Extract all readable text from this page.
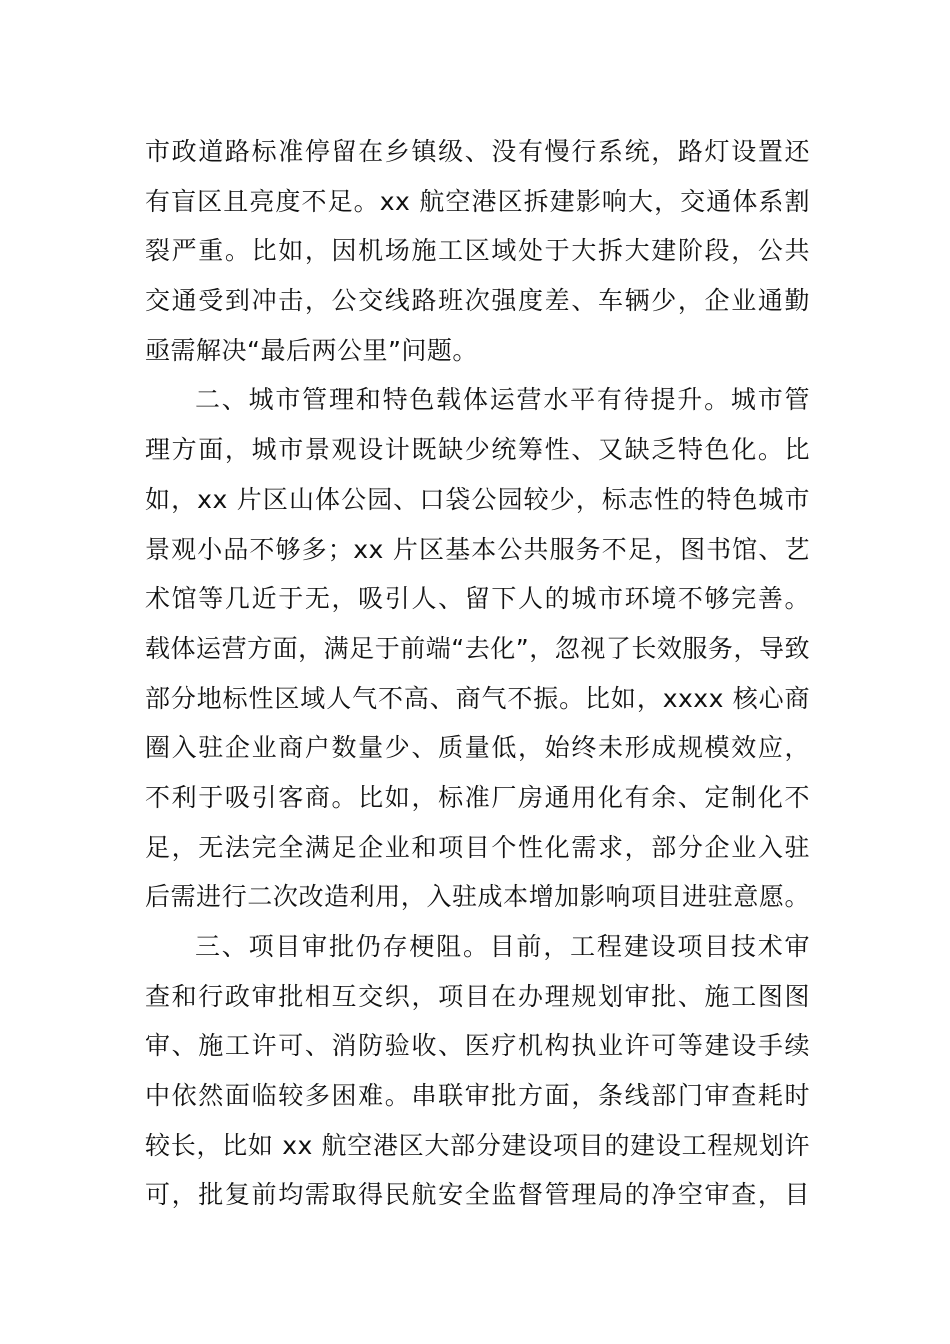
市政道路标准停留在乡镇级、没有慢行系统，路灯设置还

有盲区且亮度不足。xx 航空港区拆建影响大，交通体系割

裂严重。比如，因机场施工区域处于大拆大建阶段，公共

交通受到冲击，公交线路班次强度差、车辆少，企业通勤

亟需解决“最后两公里”问题。

二、城市管理和特色载体运营水平有待提升。城市管

理方面，城市景观设计既缺少统筹性、又缺乏特色化。比

如，xx 片区山体公园、口袋公园较少，标志性的特色城市

景观小品不够多；xx 片区基本公共服务不足，图书馆、艺

术馆等几近于无，吸引人、留下人的城市环境不够完善。

载体运营方面，满足于前端“去化”，忽视了长效服务，导致

部分地标性区域人气不高、商气不振。比如，xxxx 核心商

圈入驻企业商户数量少、质量低，始终未形成规模效应，

不利于吸引客商。比如，标准厂房通用化有余、定制化不

足，无法完全满足企业和项目个性化需求，部分企业入驻

后需进行二次改造利用，入驻成本增加影响项目进驻意愿。

三、项目审批仍存梗阻。目前，工程建设项目技术审

查和行政审批相互交织，项目在办理规划审批、施工图图

审、施工许可、消防验收、医疗机构执业许可等建设手续

中依然面临较多困难。串联审批方面，条线部门审查耗时

较长，比如 xx 航空港区大部分建设项目的建设工程规划许

可，批复前均需取得民航安全监督管理局的净空审查，目
